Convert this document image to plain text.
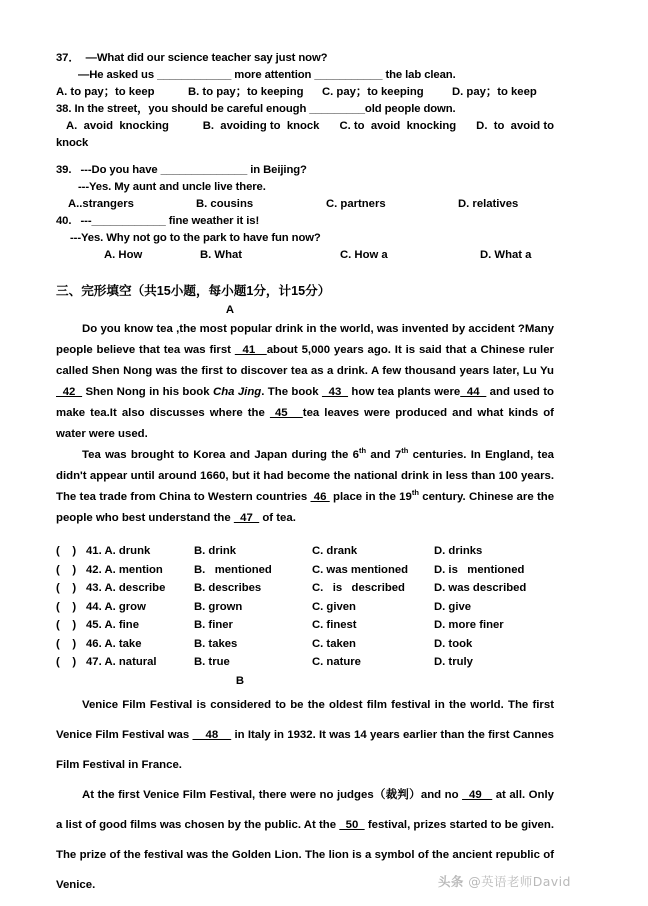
37． —What did our science teacher say just now?
—He asked us ____________ more attention ___________ the lab clean.
A. to pay；to keep	B. to pay；to keeping	C. pay；to keeping	D. pay；to keep
38. In the street，you should be careful enough _________old people down.
A.  avoid  knocking	B.  avoiding to  knock	C. to  avoid  knocking	D.  to  avoid to
knock
39.   ---Do you have ______________ in Beijing?
---Yes. My aunt and uncle live there.
A..strangers	B. cousins	C. partners	D. relatives
40.   ---____________ fine weather it is!
---Yes. Why not go to the park to have fun now?
A. How	B. What	C. How a	D. What a
三、完形填空（共15小题，每小题1分，计15分）
A

Do you know tea ,the most popular drink in the world, was invented by accident ?Many people believe that tea was first   41   about 5,000 years ago. It is said that a Chinese ruler called Shen Nong was the first to discover tea as a drink. A few thousand years later, Lu Yu   42   Shen Nong in his book Cha Jing. The book   43   how tea plants were  44   and used to make tea.It also discusses where the  45   tea leaves were produced and what kinds of water were used.

Tea was brought to Korea and Japan during the 6th and 7th centuries. In England, tea didn't appear until around 1660, but it had become the national drink in less than 100 years. The tea trade from China to Western countries  46  place in the 19th century. Chinese are the people who best understand the   47   of tea.

(    ) 41. A. drunk	B. drink	C. drank	D. drinks
(    ) 42. A. mention	B.   mentioned	C. was mentioned	D. is   mentioned
(    ) 43. A. describe	B. describes	C.   is   described	D. was described
(    ) 44. A. grow	B. grown	C. given	D. give
(    ) 45. A. fine	B. finer	C. finest	D. more finer
(    ) 46. A. take	B. takes	C. taken	D. took
(    ) 47. A. natural	B. true	C. nature	D. truly
B

Venice Film Festival is considered to be the oldest film festival in the world. The first Venice Film Festival was     48     in Italy in 1932. It was 14 years earlier than the first Cannes Film Festival in France.

At the first Venice Film Festival, there were no judges（裁判）and no   49    at all. Only a list of good films was chosen by the public. At the   50   festival, prizes started to be given. The prize of the festival was the Golden Lion. The lion is a symbol of the ancient republic of Venice.	头条 @英语老师David
